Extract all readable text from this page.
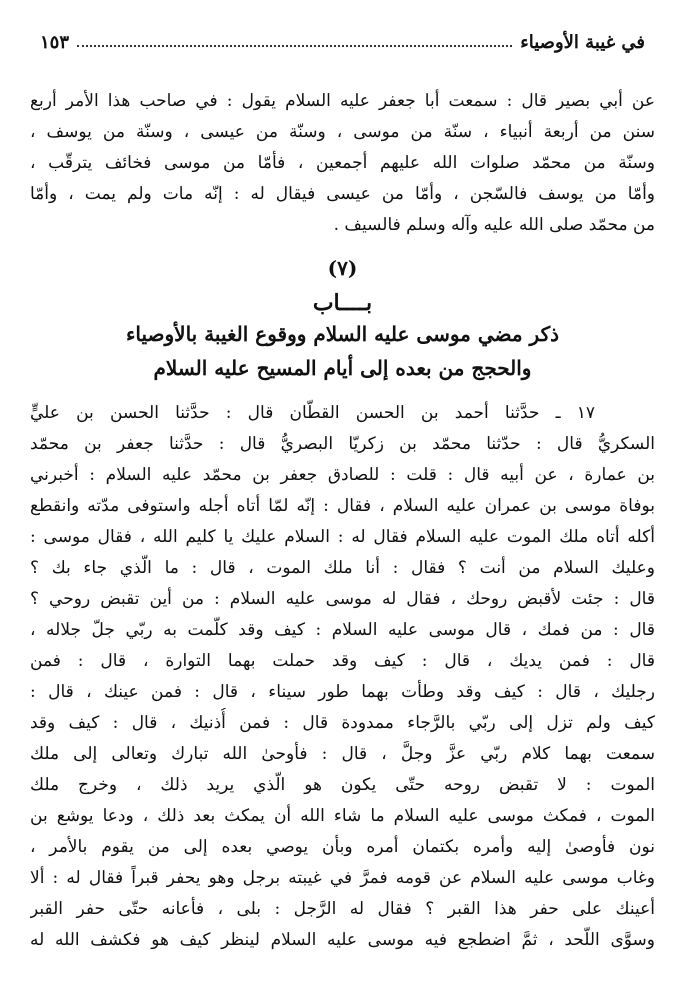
في غيبة الأوصياء
١٥٣
عن أبي بصير قال : سمعت أبا جعفر عليه السلام يقول : في صاحب هذا الأمر أربع
سنن من أربعة أنبياء ، سنّة من موسى ، وسنّة من عيسى ، وسنّة من يوسف ،
وسنّة من محمّد صلوات الله عليهم أجمعين ، فأمّا من موسى فخائف يترقّب ،
وأمّا من يوسف فالسّجن ، وأمّا من عيسى فيقال له : إنّه مات ولم يمت ، وأمّا
من محمّد صلى الله عليه وآله وسلم فالسيف .
(٧)
بــــاب
ذكر مضي موسى عليه السلام ووقوع الغيبة بالأوصياء
والحجج من بعده إلى أيام المسيح عليه السلام
١٧ ـ حدَّثنا أحمد بن الحسن القطّان قال : حدَّثنا الحسن بن عليٍّ
السكريُّ قال : حدّثنا محمّد بن زكريّا البصريُّ قال : حدَّثنا جعفر بن محمّد
بن عمارة ، عن أبيه قال : قلت : للصادق جعفر بن محمّد عليه السلام : أخبرني
بوفاة موسى بن عمران عليه السلام ، فقال : إنّه لمّا أتاه أجله واستوفى مدّته وانقطع
أكله أتاه ملك الموت عليه السلام فقال له : السلام عليك يا كليم الله ، فقال موسى :
وعليك السلام من أنت ؟ فقال : أنا ملك الموت ، قال : ما الّذي جاء بك ؟
قال : جئت لأقبض روحك ، فقال له موسى عليه السلام : من أين تقبض روحي ؟
قال : من فمك ، قال موسى عليه السلام : كيف وقد كلّمت به ربّي جلّ جلاله ،
قال : فمن يديك ، قال : كيف وقد حملت بهما التوارة ، قال : فمن
رجليك ، قال : كيف وقد وطأت بهما طور سيناء ، قال : فمن عينك ، قال :
كيف ولم تزل إلى ربّي بالرَّجاء ممدودة قال : فمن أُذنيك ، قال : كيف وقد
سمعت بهما كلام ربّي عزَّ وجلَّ ، قال : فأوحىٰ الله تبارك وتعالى إلى ملك
الموت : لا تقبض روحه حتّى يكون هو الّذي يريد ذلك ، وخرج ملك
الموت ، فمكث موسى عليه السلام ما شاء الله أن يمكث بعد ذلك ، ودعا يوشع بن
نون فأوصىٰ إليه وأمره بكتمان أمره وبأن يوصي بعده إلى من يقوم بالأمر ،
وغاب موسى عليه السلام عن قومه فمرَّ في غيبته برجل وهو يحفر قبراً فقال له : ألا
أعينك على حفر هذا القبر ؟ فقال له الرَّجل : بلى ، فأعانه حتّى حفر القبر
وسوَّى اللّحد ، ثمَّ اضطجع فيه موسى عليه السلام لينظر كيف هو فكشف الله له
